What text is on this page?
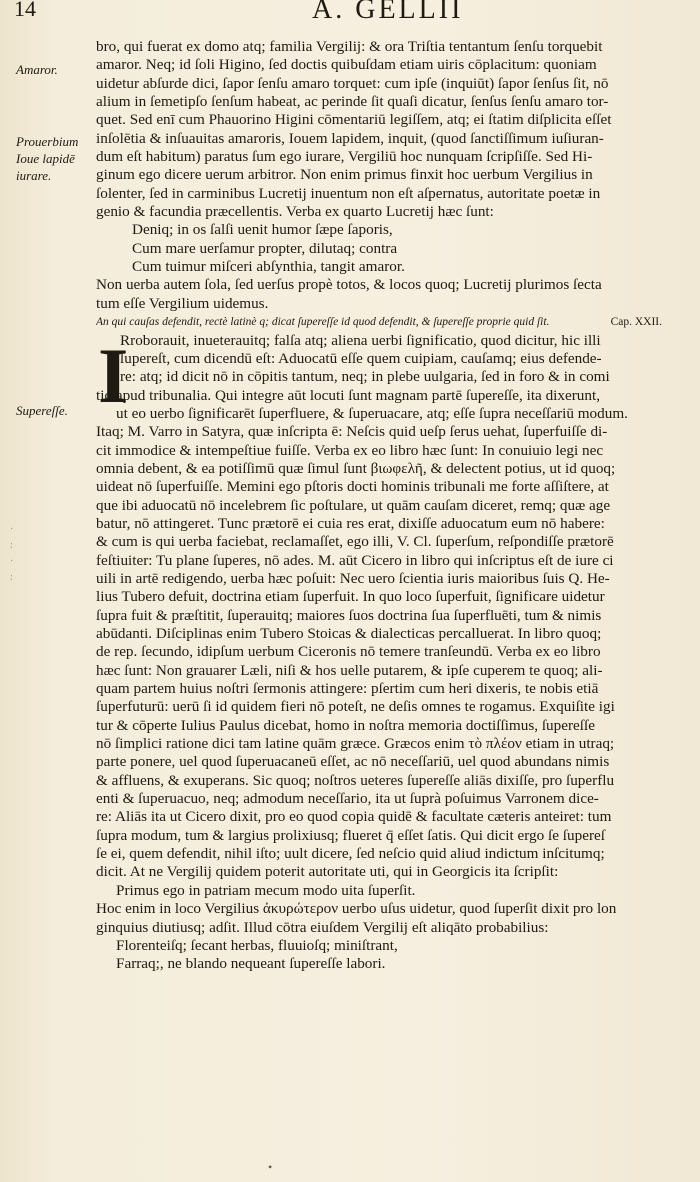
14	A. GELLII
Amaror.
Prouerbium Ioue lapidē iurare.
Supereſſe.
·
:
·
:
I
bro, qui fuerat ex domo atq; familia Vergilij: & ora Triſtia tentantum ſenſu torquebit
amaror. Neq; id ſoli Higino, ſed doctis quibuſdam etiam uiris cōplacitum: quoniam
uidetur abſurde dici, ſapor ſenſu amaro torquet: cum ipſe (inquiūt) ſapor ſenſus ſit, nō
alium in ſemetipſo ſenſum habeat, ac perinde ſit quaſi dicatur, ſenſus ſenſu amaro tor-
quet. Sed enī cum Phauorino Higini cōmentariū legiſſem, atq; ei ſtatim diſplicita eſſet
inſolētia & inſuauitas amaroris, Iouem lapidem, inquit, (quod ſanctiſſimum iuſiuran-
dum eſt habitum) paratus ſum ego iurare, Vergiliū hoc nunquam ſcripſiſſe. Sed Hi-
ginum ego dicere uerum arbitror. Non enim primus finxit hoc uerbum Vergilius in
ſolenter, ſed in carminibus Lucretij inuentum non eſt aſpernatus, autoritate poetæ in
genio & facundia præcellentis. Verba ex quarto Lucretij hæc ſunt:
Deniq; in os ſalſi uenit humor ſæpe ſaporis,
Cum mare uerſamur propter, dilutaq; contra
Cum tuimur miſceri abſynthia, tangit amaror.
Non uerba autem ſola, ſed uerſus propè totos, & locos quoq; Lucretij plurimos ſecta
tum eſſe Vergilium uidemus.
An qui cauſas defendit, rectè latinè q; dicat ſupereſſe id quod defendit, & ſupereſſe proprie quid ſit.	Cap. XXII.
Rroborauit, inueterauitq; falſa atq; aliena uerbi ſignificatio, quod dicitur, hic illi
ſupereſt, cum dicendū eſt: Aduocatū eſſe quem cuipiam, cauſamq; eius defende-
re: atq; id dicit nō in cōpitis tantum, neq; in plebe uulgaria, ſed in foro & in comi
tio apud tribunalia. Qui integre aūt locuti ſunt magnam partē ſupereſſe, ita dixerunt,
ut eo uerbo ſignificarēt ſuperfluere, & ſuperuacare, atq; eſſe ſupra neceſſariū modum.
Itaq; M. Varro in Satyra, quæ inſcripta ē: Neſcis quid ueſp ſerus uehat, ſuperfuiſſe di-
cit immodice & intempeſtiue fuiſſe. Verba ex eo libro hæc ſunt: In conuiuio legi nec
omnia debent, & ea potiſſimū quæ ſimul ſunt βιωφελῆ, & delectent potius, ut id quoq;
uideat nō ſuperfuiſſe. Memini ego pſtoris docti hominis tribunali me forte aſſiſtere, at
que ibi aduocatū nō incelebrem ſic poſtulare, ut quām cauſam diceret, remq; quæ age
batur, nō attingeret. Tunc prætorē ei cuia res erat, dixiſſe aduocatum eum nō habere:
& cum is qui uerba faciebat, reclamaſſet, ego illi, V. Cl. ſuperſum, reſpondiſſe prætorē
feſtiuiter: Tu plane ſuperes, nō ades. M. aūt Cicero in libro qui inſcriptus eſt de iure ci
uili in artē redigendo, uerba hæc poſuit: Nec uero ſcientia iuris maioribus ſuis Q. He-
lius Tubero defuit, doctrina etiam ſuperfuit. In quo loco ſuperfuit, ſignificare uidetur
ſupra fuit & præſtitit, ſuperauitq; maiores ſuos doctrina ſua ſuperfluēti, tum & nimis
abūdanti. Diſciplinas enim Tubero Stoicas & dialecticas percalluerat. In libro quoq;
de rep. ſecundo, idipſum uerbum Ciceronis nō temere tranſeundū. Verba ex eo libro
hæc ſunt: Non grauarer Læli, niſi & hos uelle putarem, & ipſe cuperem te quoq; ali-
quam partem huius noſtri ſermonis attingere: pſertim cum heri dixeris, te nobis etiā
ſuperfuturū: uerū ſi id quidem fieri nō poteſt, ne deſis omnes te rogamus. Exquiſite igi
tur & cōperte Iulius Paulus dicebat, homo in noſtra memoria doctiſſimus, ſupereſſe
nō ſimplici ratione dici tam latine quām græce. Græcos enim τὸ πλέον etiam in utraq;
parte ponere, uel quod ſuperuacaneū eſſet, ac nō neceſſariū, uel quod abundans nimis
& affluens, & exuperans. Sic quoq; noſtros ueteres ſupereſſe aliās dixiſſe, pro ſuperflu
enti & ſuperuacuo, neq; admodum neceſſario, ita ut ſuprà poſuimus Varronem dice-
re: Aliās ita ut Cicero dixit, pro eo quod copia quidē & facultate cæteris anteiret: tum
ſupra modum, tum & largius prolixiusq; flueret q̄ eſſet ſatis. Qui dicit ergo ſe ſupereſ
ſe ei, quem defendit, nihil iſto; uult dicere, ſed neſcio quid aliud indictum inſcitumq;
dicit. At ne Vergilij quidem poterit autoritate uti, qui in Georgicis ita ſcripſit:
Primus ego in patriam mecum modo uita ſuperſit.
Hoc enim in loco Vergilius ἀκυρώτερον uerbo uſus uidetur, quod ſuperſit dixit pro lon
ginquius diutiusq; adſit. Illud cōtra eiuſdem Vergilij eſt aliqāto probabilius:
Florenteiſq; ſecant herbas, fluuioſq; miniſtrant,
Farraq;, ne blando nequeant ſupereſſe labori.
•
